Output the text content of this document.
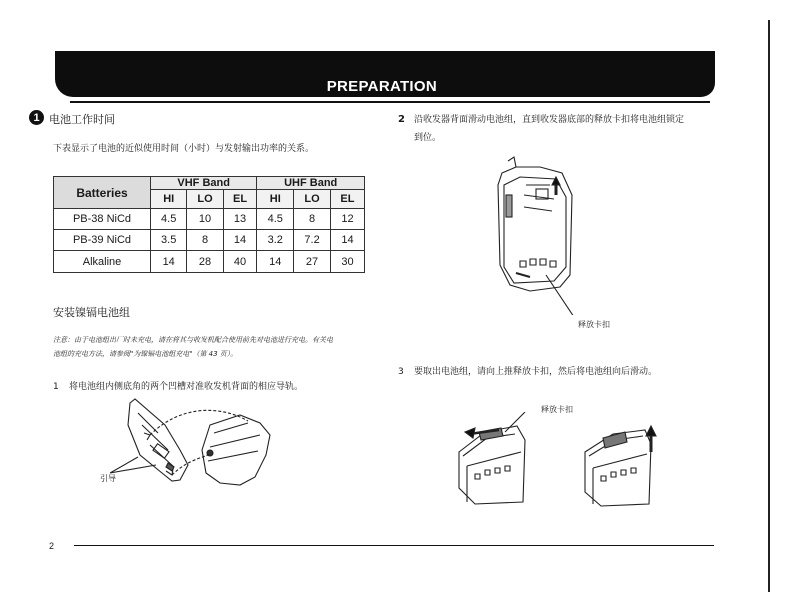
PREPARATION
1 电池工作时间
下表显示了电池的近似使用时间（小时）与发射输出功率的关系。
Batteries	VHF Band			UHF Band		
	HI	LO	EL	HI	LO	EL
PB-38 NiCd	4.5	10	13	4.5	8	12
PB-39 NiCd	3.5	8	14	3.2	7.2	14
Alkaline	14	28	40	14	27	30
安装镍镉电池组
注意：由于电池组出厂时未充电，请在将其与收发机配合使用前先对电池进行充电。有关电
池组的充电方法，请参阅"为镍镉电池组充电"（第 43 页）。
1 将电池组内侧底角的两个凹槽对准收发机背面的相应导轨。
引导
2 沿收发器背面滑动电池组，直到收发器底部的释放卡扣将电池组锁定
到位。
释放卡扣
3 要取出电池组，请向上推释放卡扣，然后将电池组向后滑动。
释放卡扣
2
